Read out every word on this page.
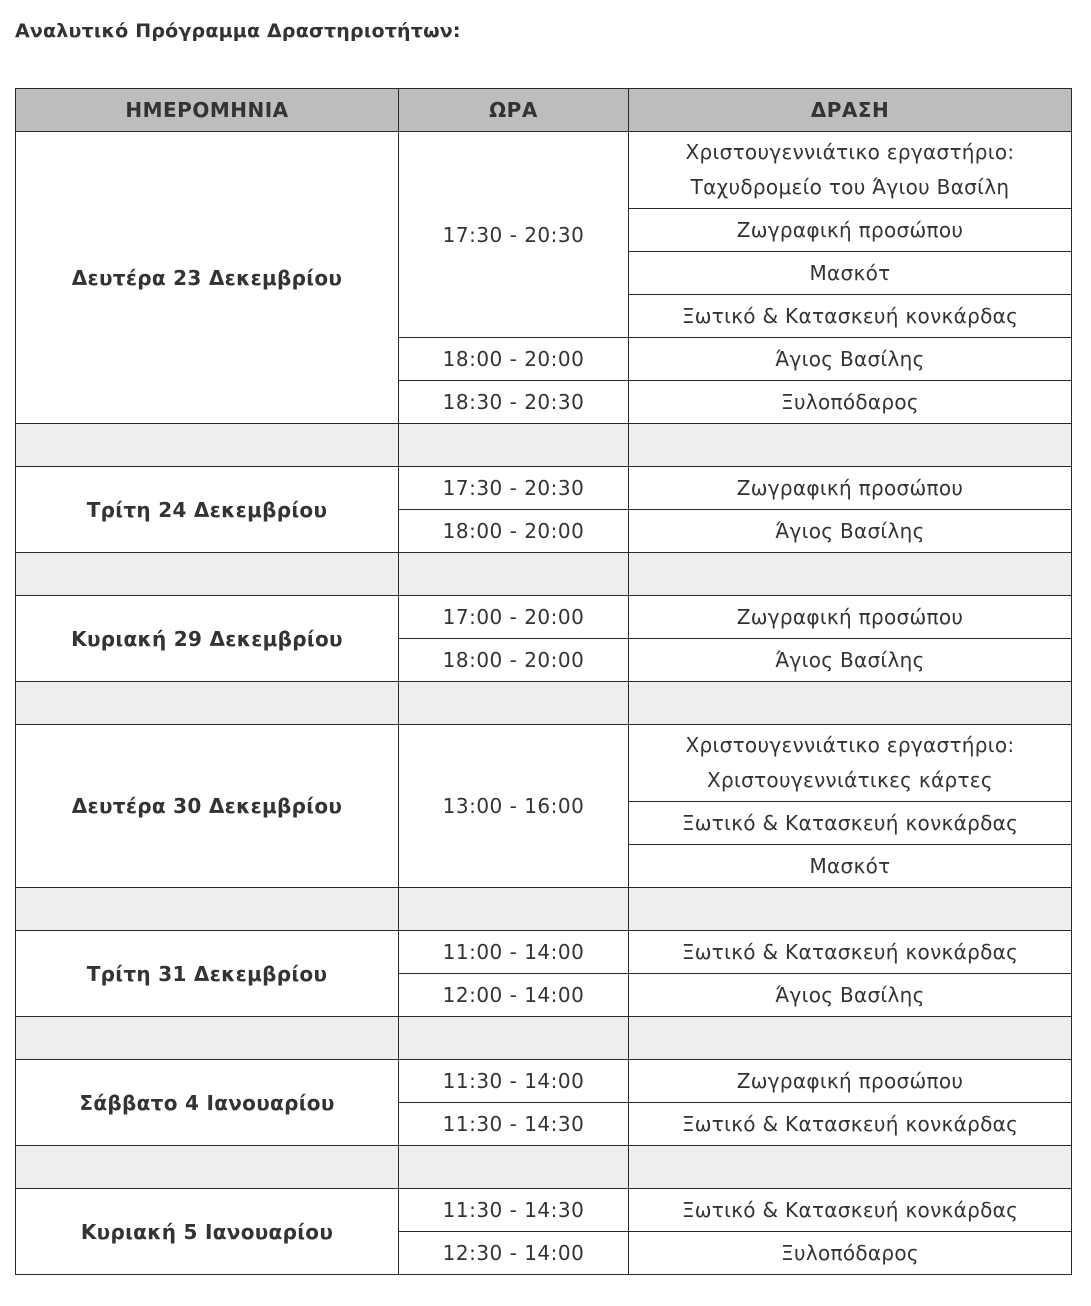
Αναλυτικό Πρόγραμμα Δραστηριοτήτων:
ΗΜΕΡΟΜΗΝΙΑ	ΩΡΑ	ΔΡΑΣΗ
Δευτέρα 23 Δεκεμβρίου	17:30 - 20:30	Χριστουγεννιάτικο εργαστήριο:
Ταχυδρομείο του Άγιου Βασίλη
		Ζωγραφική προσώπου
		Μασκότ
		Ξωτικό & Κατασκευή κονκάρδας
	18:00 - 20:00	Άγιος Βασίλης
	18:30 - 20:30	Ξυλοπόδαρος

Τρίτη 24 Δεκεμβρίου	17:30 - 20:30	Ζωγραφική προσώπου
	18:00 - 20:00	Άγιος Βασίλης

Κυριακή 29 Δεκεμβρίου	17:00 - 20:00	Ζωγραφική προσώπου
	18:00 - 20:00	Άγιος Βασίλης

Δευτέρα 30 Δεκεμβρίου	13:00 - 16:00	Χριστουγεννιάτικο εργαστήριο:
Χριστουγεννιάτικες κάρτες
		Ξωτικό & Κατασκευή κονκάρδας
		Μασκότ

Τρίτη 31 Δεκεμβρίου	11:00 - 14:00	Ξωτικό & Κατασκευή κονκάρδας
	12:00 - 14:00	Άγιος Βασίλης

Σάββατο 4 Ιανουαρίου	11:30 - 14:00	Ζωγραφική προσώπου
	11:30 - 14:30	Ξωτικό & Κατασκευή κονκάρδας

Κυριακή 5 Ιανουαρίου	11:30 - 14:30	Ξωτικό & Κατασκευή κονκάρδας
	12:30 - 14:00	Ξυλοπόδαρος
